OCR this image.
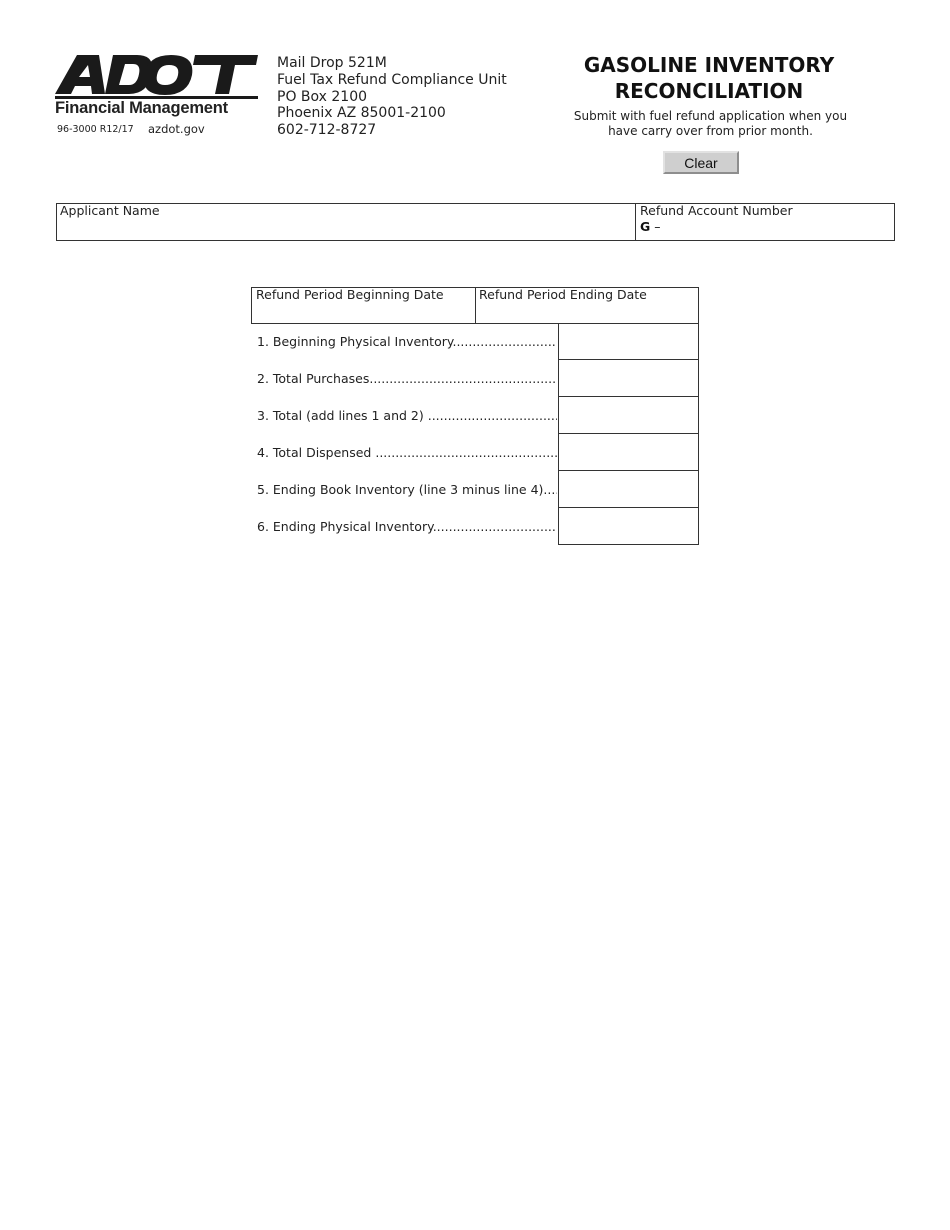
Financial Management
96-3000 R12/17 azdot.gov
Mail Drop 521M
Fuel Tax Refund Compliance Unit
PO Box 2100
Phoenix AZ 85001-2100
602-712-8727
GASOLINE INVENTORY
RECONCILIATION
Submit with fuel refund application when you
have carry over from prior month.
Clear
Applicant Name	Refund Account Number
G –
Refund Period Beginning Date	Refund Period Ending Date
1. Beginning Physical Inventory .....
2. Total Purchases .....
3. Total (add lines 1 and 2) .....
4. Total Dispensed .....
5. Ending Book Inventory (line 3 minus line 4) .....
6. Ending Physical Inventory .....
